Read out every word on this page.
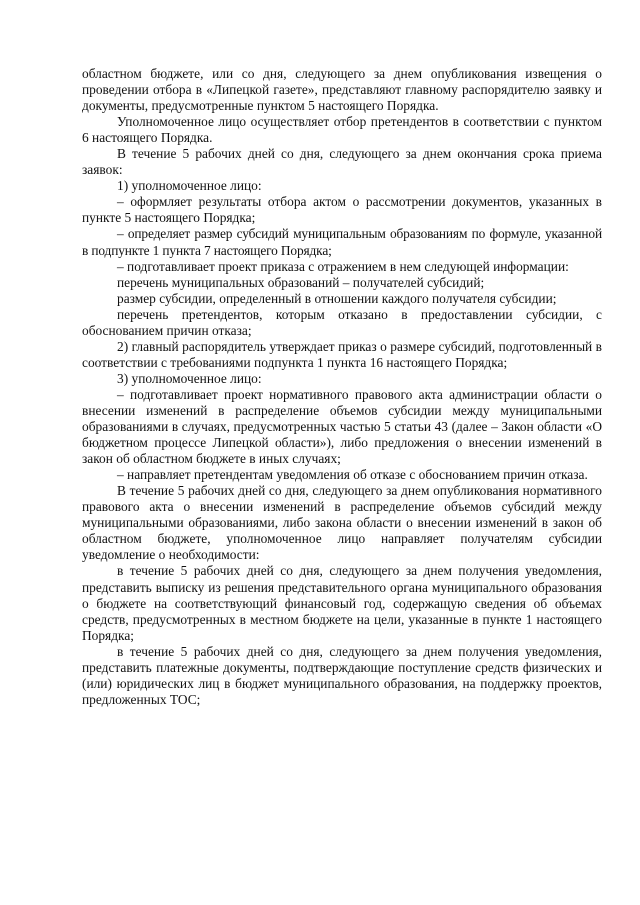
областном бюджете, или со дня, следующего за днем опубликования извещения о проведении отбора в «Липецкой газете», представляют главному распорядителю заявку и документы, предусмотренные пунктом 5 настоящего Порядка.

Уполномоченное лицо осуществляет отбор претендентов в соответствии с пунктом 6 настоящего Порядка.

В течение 5 рабочих дней со дня, следующего за днем окончания срока приема заявок:

1) уполномоченное лицо:

– оформляет результаты отбора актом о рассмотрении документов, указанных в пункте 5 настоящего Порядка;

– определяет размер субсидий муниципальным образованиям по формуле, указанной в подпункте 1 пункта 7 настоящего Порядка;

– подготавливает проект приказа с отражением в нем следующей информации:

перечень муниципальных образований – получателей субсидий;

размер субсидии, определенный в отношении каждого получателя субсидии;

перечень претендентов, которым отказано в предоставлении субсидии, с обоснованием причин отказа;

2) главный распорядитель утверждает приказ о размере субсидий, подготовленный в соответствии с требованиями подпункта 1 пункта 16 настоящего Порядка;

3) уполномоченное лицо:

– подготавливает проект нормативного правового акта администрации области о внесении изменений в распределение объемов субсидии между муниципальными образованиями в случаях, предусмотренных частью 5 статьи 43 (далее – Закон области «О бюджетном процессе Липецкой области»), либо предложения о внесении изменений в закон об областном бюджете в иных случаях;

– направляет претендентам уведомления об отказе с обоснованием причин отказа.

В течение 5 рабочих дней со дня, следующего за днем опубликования нормативного правового акта о внесении изменений в распределение объемов субсидий между муниципальными образованиями, либо закона области о внесении изменений в закон об областном бюджете, уполномоченное лицо направляет получателям субсидии уведомление о необходимости:

в течение 5 рабочих дней со дня, следующего за днем получения уведомления, представить выписку из решения представительного органа муниципального образования о бюджете на соответствующий финансовый год, содержащую сведения об объемах средств, предусмотренных в местном бюджете на цели, указанные в пункте 1 настоящего Порядка;

в течение 5 рабочих дней со дня, следующего за днем получения уведомления, представить платежные документы, подтверждающие поступление средств физических и (или) юридических лиц в бюджет муниципального образования, на поддержку проектов, предложенных ТОС;
